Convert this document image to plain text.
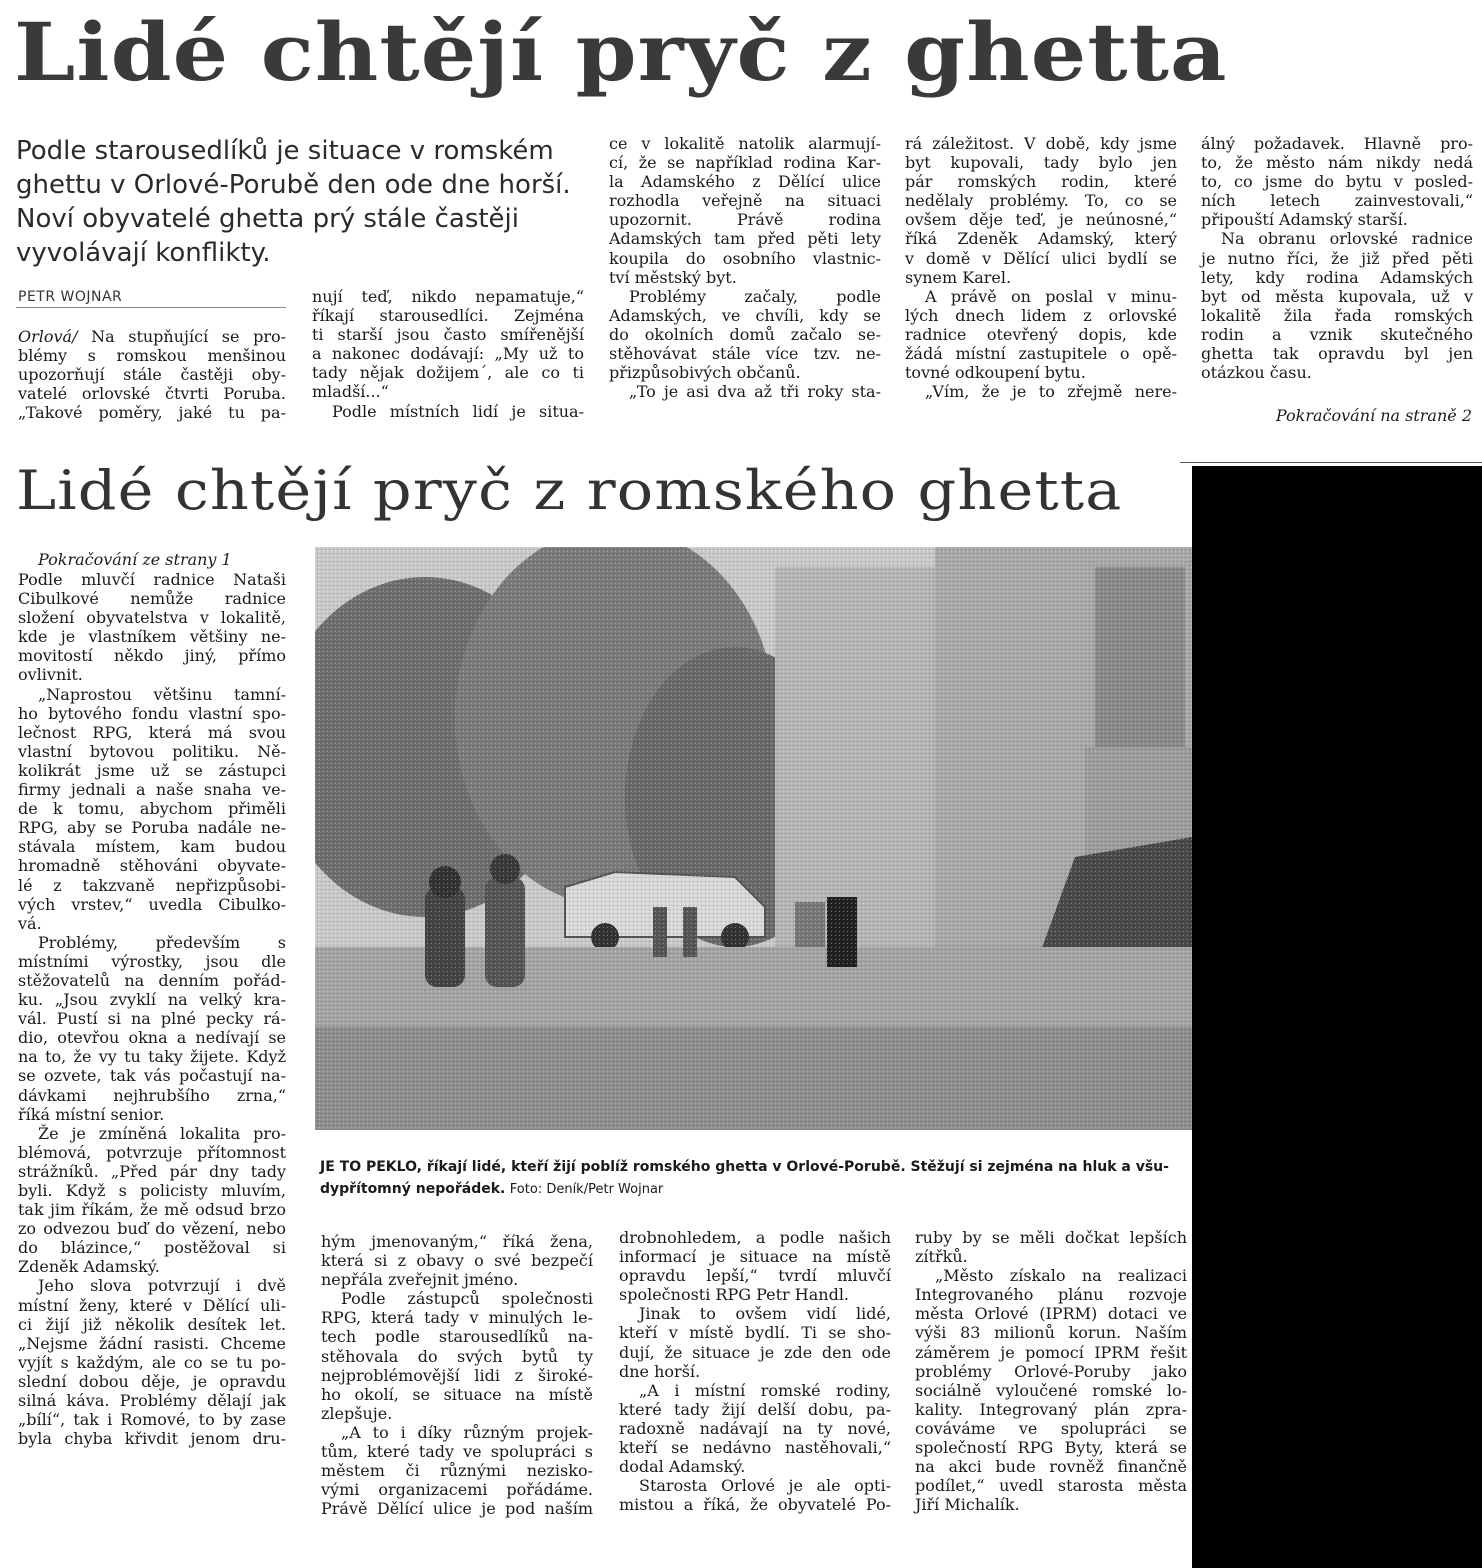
Lidé chtějí pryč z ghetta
Podle starousedlíků je situace v romském
ghettu v Orlové-Porubě den ode dne horší.
Noví obyvatelé ghetta prý stále častěji
vyvolávají konflikty.
PETR WOJNAR
Orlová/ Na stupňující se pro-
blémy s romskou menšinou
upozorňují stále častěji oby-
vatelé orlovské čtvrti Poruba.
„Takové poměry, jaké tu pa-
nují teď, nikdo nepamatuje,“
říkají starousedlíci. Zejména
ti starší jsou často smířenější
a nakonec dodávají: „My už to
tady nějak dožijem´, ale co ti
mladší...“
Podle místních lidí je situa-
ce v lokalitě natolik alarmují-
cí, že se například rodina Kar-
la Adamského z Dělící ulice
rozhodla veřejně na situaci
upozornit. Právě rodina
Adamských tam před pěti lety
koupila do osobního vlastnic-
tví městský byt.
Problémy začaly, podle
Adamských, ve chvíli, kdy se
do okolních domů začalo se-
stěhovávat stále více tzv. ne-
přizpůsobivých občanů.
„To je asi dva až tři roky sta-
rá záležitost. V době, kdy jsme
byt kupovali, tady bylo jen
pár romských rodin, které
nedělaly problémy. To, co se
ovšem děje teď, je neúnosné,“
říká Zdeněk Adamský, který
v domě v Dělící ulici bydlí se
synem Karel.
A právě on poslal v minu-
lých dnech lidem z orlovské
radnice otevřený dopis, kde
žádá místní zastupitele o opě-
tovné odkoupení bytu.
„Vím, že je to zřejmě nere-
álný požadavek. Hlavně pro-
to, že město nám nikdy nedá
to, co jsme do bytu v posled-
ních letech zainvestovali,“
připouští Adamský starší.
Na obranu orlovské radnice
je nutno říci, že již před pěti
lety, kdy rodina Adamských
byt od města kupovala, už v
lokalitě žila řada romských
rodin a vznik skutečného
ghetta tak opravdu byl jen
otázkou času.
Pokračování na straně 2
Lidé chtějí pryč z romského ghetta
Pokračování ze strany 1
Podle mluvčí radnice Nataši
Cibulkové nemůže radnice
složení obyvatelstva v lokalitě,
kde je vlastníkem většiny ne-
movitostí někdo jiný, přímo
ovlivnit.
„Naprostou většinu tamní-
ho bytového fondu vlastní spo-
lečnost RPG, která má svou
vlastní bytovou politiku. Ně-
kolikrát jsme už se zástupci
firmy jednali a naše snaha ve-
de k tomu, abychom přiměli
RPG, aby se Poruba nadále ne-
stávala místem, kam budou
hromadně stěhováni obyvate-
lé z takzvaně nepřizpůsobi-
vých vrstev,“ uvedla Cibulko-
vá.
Problémy, především s
místními výrostky, jsou dle
stěžovatelů na denním pořád-
ku. „Jsou zvyklí na velký kra-
vál. Pustí si na plné pecky rá-
dio, otevřou okna a nedívají se
na to, že vy tu taky žijete. Když
se ozvete, tak vás počastují na-
dávkami nejhrubšího zrna,“
říká místní senior.
Že je zmíněná lokalita pro-
blémová, potvrzuje přítomnost
strážníků. „Před pár dny tady
byli. Když s policisty mluvím,
tak jim říkám, že mě odsud brzo
zo odvezou buď do vězení, nebo
do blázince,“ postěžoval si
Zdeněk Adamský.
Jeho slova potvrzují i dvě
místní ženy, které v Dělící uli-
ci žijí již několik desítek let.
„Nejsme žádní rasisti. Chceme
vyjít s každým, ale co se tu po-
slední dobou děje, je opravdu
silná káva. Problémy dělají jak
„bílí“, tak i Romové, to by zase
byla chyba křivdit jenom dru-
JE TO PEKLO, říkají lidé, kteří žijí poblíž romského ghetta v Orlové-Porubě. Stěžují si zejména na hluk a všu-
dypřítomný nepořádek. Foto: Deník/Petr Wojnar
hým jmenovaným,“ říká žena,
která si z obavy o své bezpečí
nepřála zveřejnit jméno.
Podle zástupců společnosti
RPG, která tady v minulých le-
tech podle starousedlíků na-
stěhovala do svých bytů ty
nejproblémovější lidi z široké-
ho okolí, se situace na místě
zlepšuje.
„A to i díky různým projek-
tům, které tady ve spolupráci s
městem či různými nezisko-
vými organizacemi pořádáme.
Právě Dělící ulice je pod naším
drobnohledem, a podle našich
informací je situace na místě
opravdu lepší,“ tvrdí mluvčí
společnosti RPG Petr Handl.
Jinak to ovšem vidí lidé,
kteří v místě bydlí. Ti se sho-
dují, že situace je zde den ode
dne horší.
„A i místní romské rodiny,
které tady žijí delší dobu, pa-
radoxně nadávají na ty nové,
kteří se nedávno nastěhovali,“
dodal Adamský.
Starosta Orlové je ale opti-
mistou a říká, že obyvatelé Po-
ruby by se měli dočkat lepších
zítřků.
„Město získalo na realizaci
Integrovaného plánu rozvoje
města Orlové (IPRM) dotaci ve
výši 83 milionů korun. Naším
záměrem je pomocí IPRM řešit
problémy Orlové-Poruby jako
sociálně vyloučené romské lo-
kality. Integrovaný plán zpra-
cováváme ve spolupráci se
společností RPG Byty, která se
na akci bude rovněž finančně
podílet,“ uvedl starosta města
Jiří Michalík.
